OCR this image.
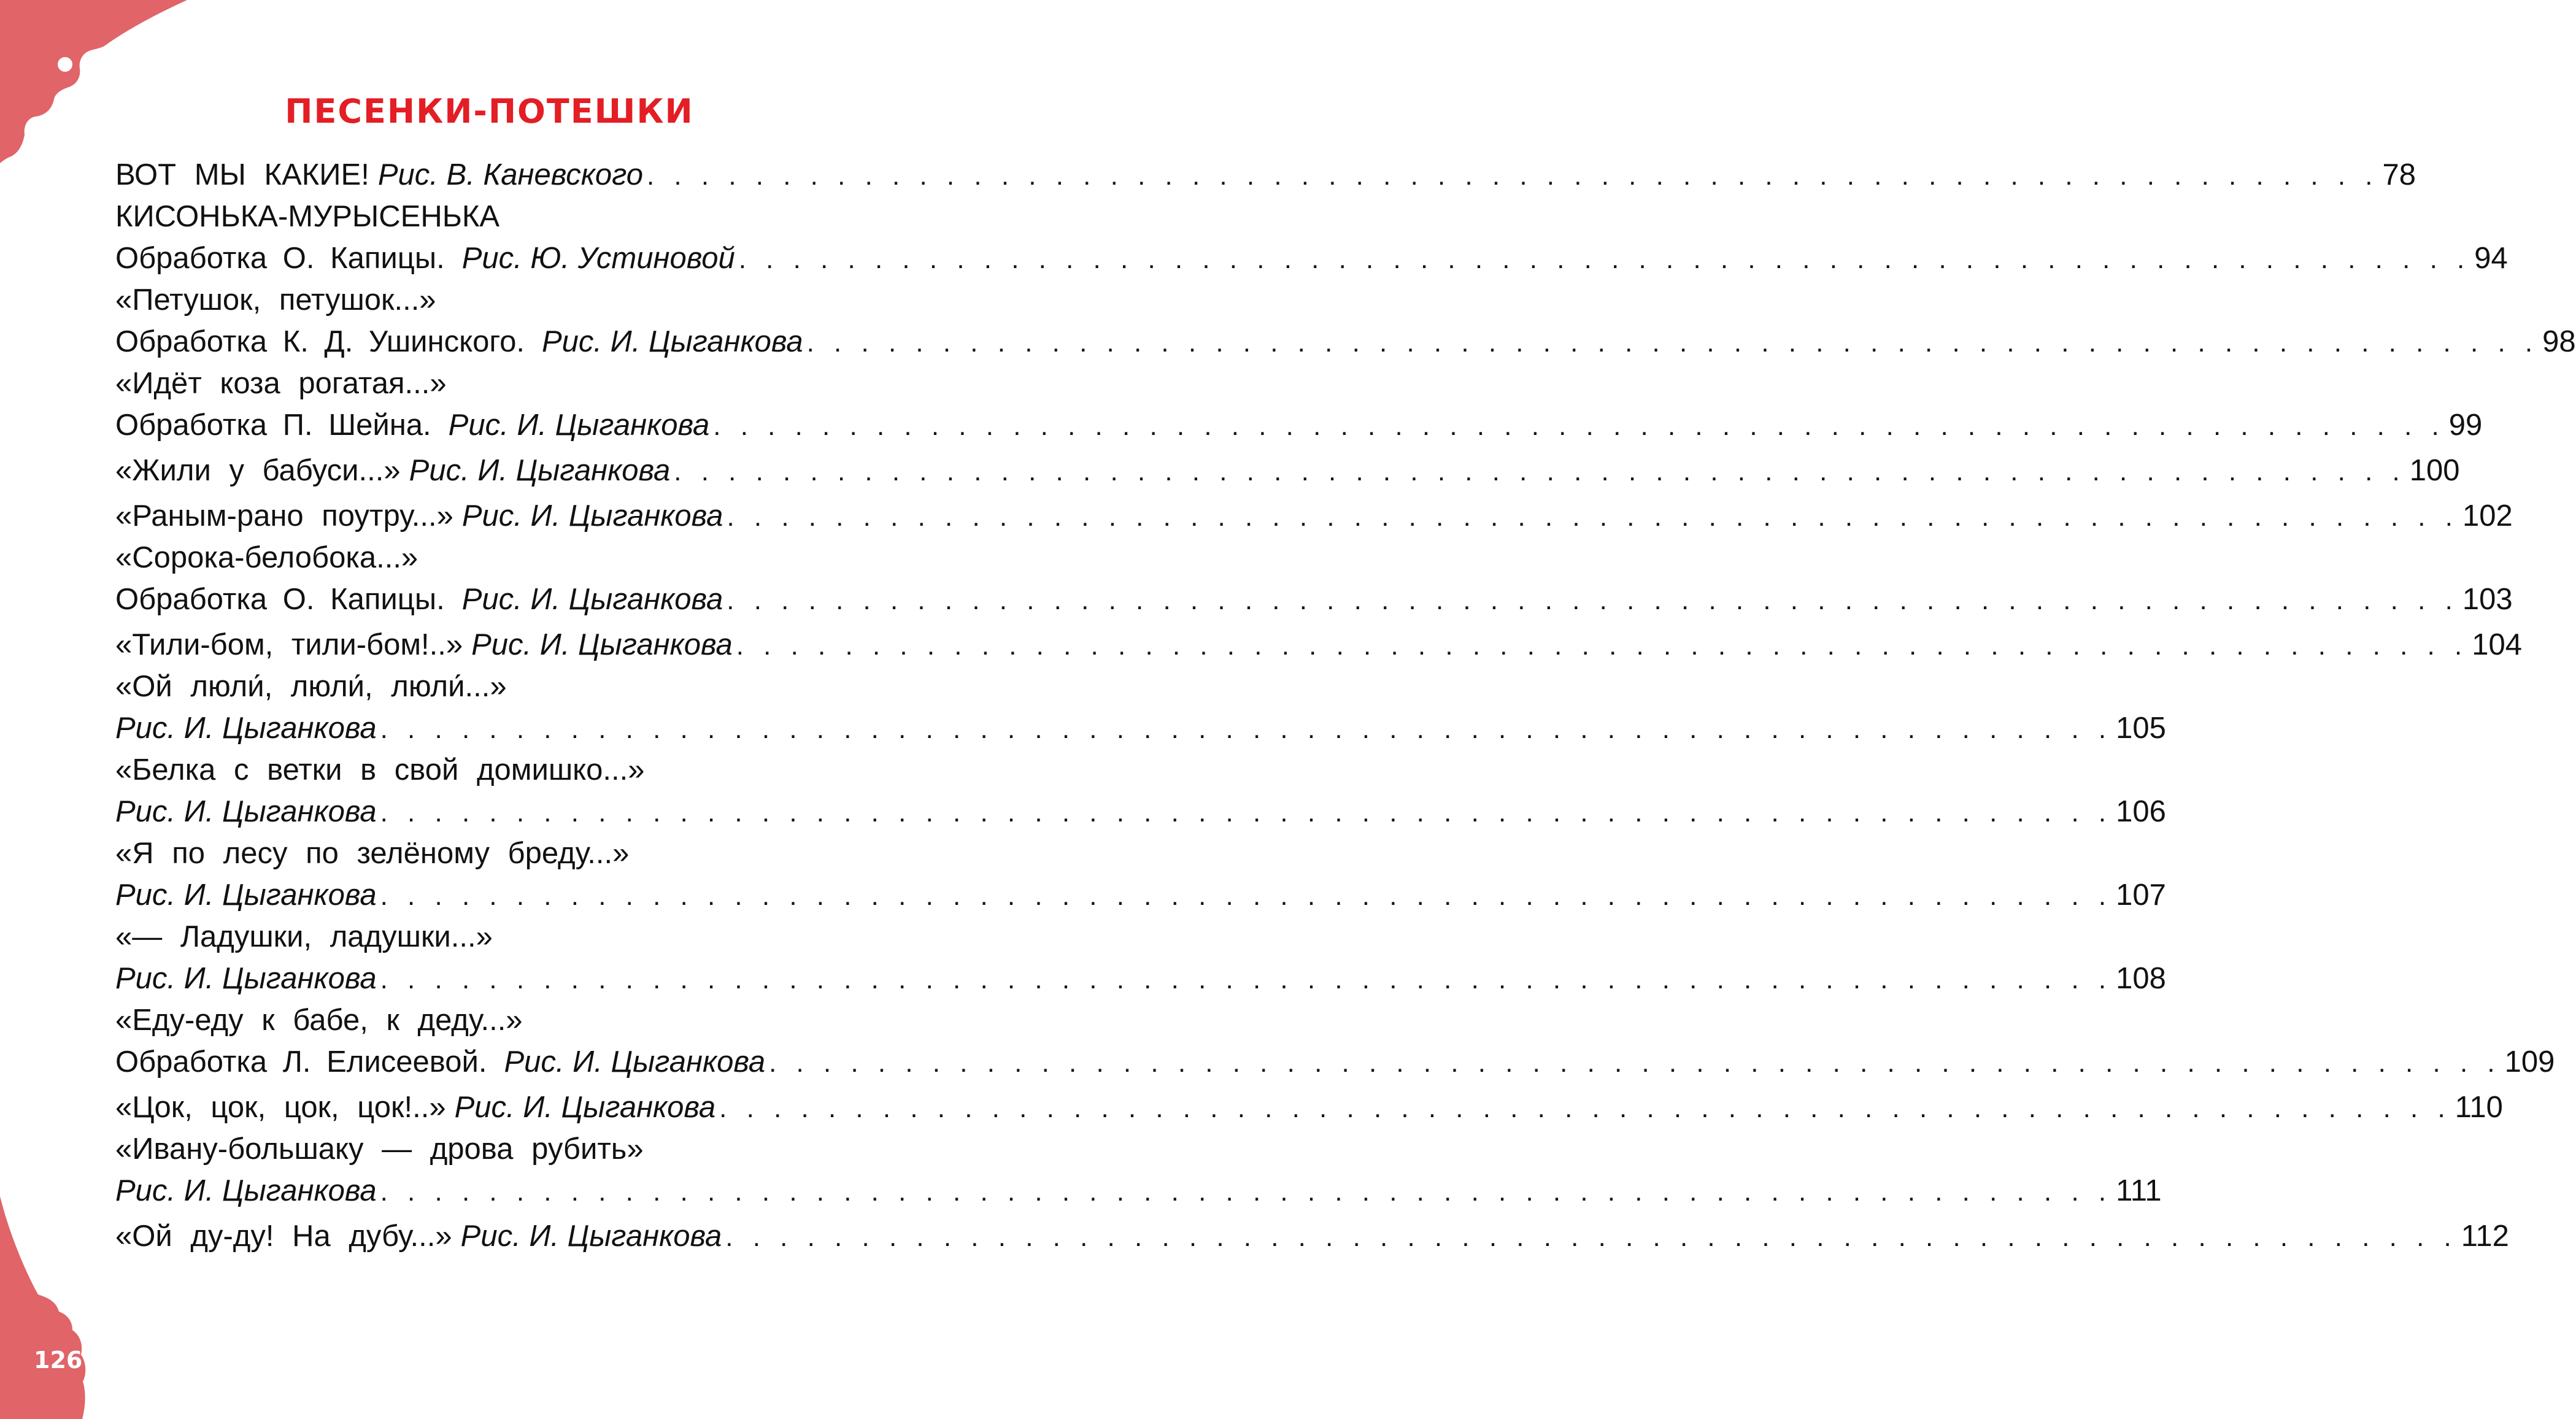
ПЕСЕНКИ-ПОТЕШКИ
ВОТ МЫ КАКИЕ! Рис. В. Каневского . . . . . . . . . . . . . . . . . . . . . . . . . . . . . . . . . . . . . . . . . . . . . . . . . . . . . . . . . . . . . . . . 78
КИСОНЬКА-МУРЫСЕНЬКА
Обработка О. Капицы. Рис. Ю. Устиновой . . . . . . . . . . . . . . . . . . . . . . . . . . . . . . . . . . . . . . . . . . . . . . . . . . . . . . . . . . . . . . . . 94
«Петушок, петушок...»
Обработка К. Д. Ушинского. Рис. И. Цыганкова . . . . . . . . . . . . . . . . . . . . . . . . . . . . . . . . . . . . . . . . . . . . . . . . . . . . . . . . . . . . . . . . 98
«Идёт коза рогатая...»
Обработка П. Шейна. Рис. И. Цыганкова . . . . . . . . . . . . . . . . . . . . . . . . . . . . . . . . . . . . . . . . . . . . . . . . . . . . . . . . . . . . . . . . 99
«Жили у бабуси...» Рис. И. Цыганкова . . . . . . . . . . . . . . . . . . . . . . . . . . . . . . . . . . . . . . . . . . . . . . . . . . . . . . . . . . . . . . . . 100
«Раным-рано поутру...» Рис. И. Цыганкова . . . . . . . . . . . . . . . . . . . . . . . . . . . . . . . . . . . . . . . . . . . . . . . . . . . . . . . . . . . . . . . . 102
«Сорока-белобока...»
Обработка О. Капицы. Рис. И. Цыганкова . . . . . . . . . . . . . . . . . . . . . . . . . . . . . . . . . . . . . . . . . . . . . . . . . . . . . . . . . . . . . . . . 103
«Тили-бом, тили-бом!..» Рис. И. Цыганкова . . . . . . . . . . . . . . . . . . . . . . . . . . . . . . . . . . . . . . . . . . . . . . . . . . . . . . . . . . . . . . . . 104
«Ой люли́, люли́, люли́...»
Рис. И. Цыганкова . . . . . . . . . . . . . . . . . . . . . . . . . . . . . . . . . . . . . . . . . . . . . . . . . . . . . . . . . . . . . . . . 105
«Белка с ветки в свой домишко...»
Рис. И. Цыганкова . . . . . . . . . . . . . . . . . . . . . . . . . . . . . . . . . . . . . . . . . . . . . . . . . . . . . . . . . . . . . . . . 106
«Я по лесу по зелёному бреду...»
Рис. И. Цыганкова . . . . . . . . . . . . . . . . . . . . . . . . . . . . . . . . . . . . . . . . . . . . . . . . . . . . . . . . . . . . . . . . 107
«— Ладушки, ладушки...»
Рис. И. Цыганкова . . . . . . . . . . . . . . . . . . . . . . . . . . . . . . . . . . . . . . . . . . . . . . . . . . . . . . . . . . . . . . . . 108
«Еду-еду к бабе, к деду...»
Обработка Л. Елисеевой. Рис. И. Цыганкова . . . . . . . . . . . . . . . . . . . . . . . . . . . . . . . . . . . . . . . . . . . . . . . . . . . . . . . . . . . . . . . . 109
«Цок, цок, цок, цок!..» Рис. И. Цыганкова . . . . . . . . . . . . . . . . . . . . . . . . . . . . . . . . . . . . . . . . . . . . . . . . . . . . . . . . . . . . . . . . 110
«Ивану-большаку — дрова рубить»
Рис. И. Цыганкова . . . . . . . . . . . . . . . . . . . . . . . . . . . . . . . . . . . . . . . . . . . . . . . . . . . . . . . . . . . . . . . . 111
«Ой ду-ду! На дубу...» Рис. И. Цыганкова . . . . . . . . . . . . . . . . . . . . . . . . . . . . . . . . . . . . . . . . . . . . . . . . . . . . . . . . . . . . . . . . 112
126
